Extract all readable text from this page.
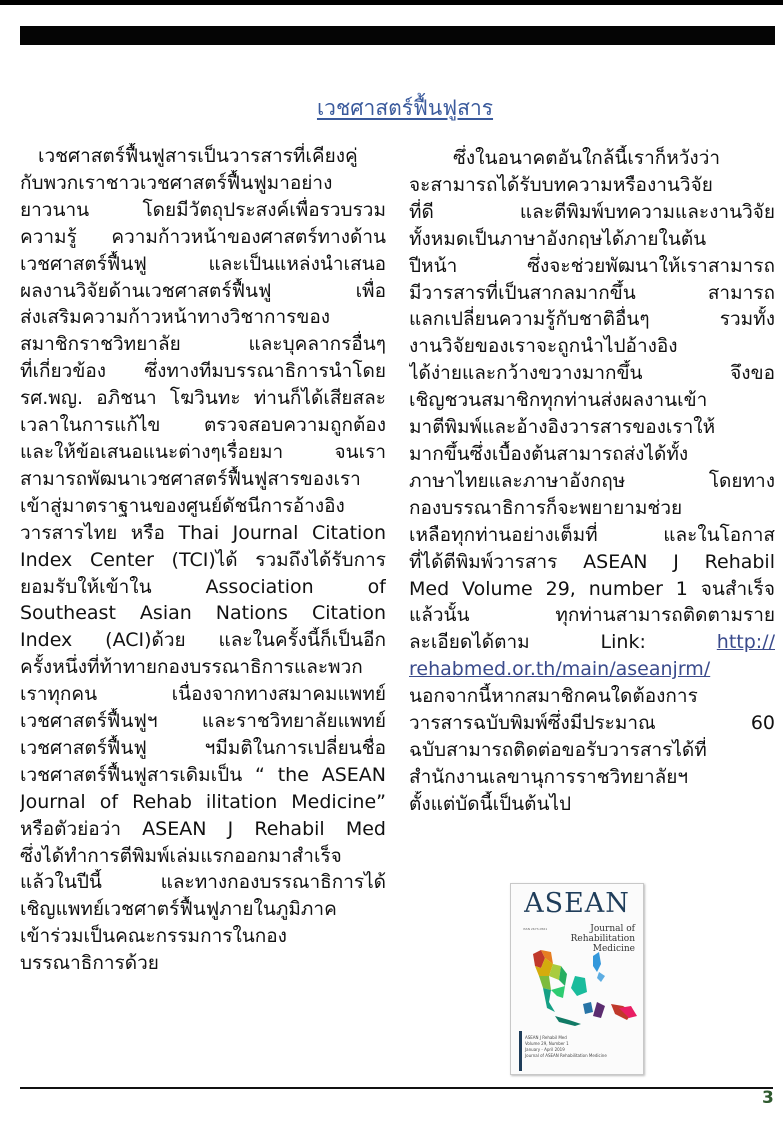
เวชศาสตร์ฟื้นฟูสาร
เวชศาสตร์ฟื้นฟูสารเป็นวารสารที่เคียงคู่
กับพวกเราชาวเวชศาสตร์ฟื้นฟูมาอย่าง
ยาวนาน โดยมีวัตถุประสงค์เพื่อรวบรวม
ความรู้ ความก้าวหน้าของศาสตร์ทางด้าน
เวชศาสตร์ฟื้นฟู และเป็นแหล่งนำเสนอ
ผลงานวิจัยด้านเวชศาสตร์ฟื้นฟู เพื่อ
ส่งเสริมความก้าวหน้าทางวิชาการของ
สมาชิกราชวิทยาลัย และบุคลากรอื่นๆ
ที่เกี่ยวข้อง ซึ่งทางทีมบรรณาธิการนำโดย
รศ.พญ. อภิชนา โฆวินทะ ท่านก็ได้เสียสละ
เวลาในการแก้ไข ตรวจสอบความถูกต้อง
และให้ข้อเสนอแนะต่างๆเรื่อยมา จนเรา
สามารถพัฒนาเวชศาสตร์ฟื้นฟูสารของเรา
เข้าสู่มาตราฐานของศูนย์ดัชนีการอ้างอิง
วารสารไทย หรือ Thai Journal Citation
Index Center (TCI)ได้ รวมถึงได้รับการ
ยอมรับให้เข้าใน Association of
Southeast Asian Nations Citation
Index (ACI)ด้วย และในครั้งนี้ก็เป็นอีก
ครั้งหนึ่งที่ท้าทายกองบรรณาธิการและพวก
เราทุกคน เนื่องจากทางสมาคมแพทย์
เวชศาสตร์ฟื้นฟูฯ และราชวิทยาลัยแพทย์
เวชศาสตร์ฟื้นฟู ฯมีมติในการเปลี่ยนชื่อ
เวชศาสตร์ฟื้นฟูสารเดิมเป็น “ the ASEAN
Journal of Rehab ilitation Medicine”
หรือตัวย่อว่า ASEAN J Rehabil Med
ซึ่งได้ทำการตีพิมพ์เล่มแรกออกมาสำเร็จ
แล้วในปีนี้ และทางกองบรรณาธิการได้
เชิญแพทย์เวชศาตร์ฟื้นฟูภายในภูมิภาค
เข้าร่วมเป็นคณะกรรมการในกอง
บรรณาธิการด้วย
ซึ่งในอนาคตอันใกล้นี้เราก็หวังว่า
จะสามารถได้รับบทความหรืองานวิจัย
ที่ดี และตีพิมพ์บทความและงานวิจัย
ทั้งหมดเป็นภาษาอังกฤษได้ภายในต้น
ปีหน้า ซึ่งจะช่วยพัฒนาให้เราสามารถ
มีวารสารที่เป็นสากลมากขึ้น สามารถ
แลกเปลี่ยนความรู้กับชาติอื่นๆ รวมทั้ง
งานวิจัยของเราจะถูกนำไปอ้างอิง
ได้ง่ายและกว้างขวางมากขึ้น จึงขอ
เชิญชวนสมาชิกทุกท่านส่งผลงานเข้า
มาตีพิมพ์และอ้างอิงวารสารของเราให้
มากขึ้นซึ่งเบื้องต้นสามารถส่งได้ทั้ง
ภาษาไทยและภาษาอังกฤษ โดยทาง
กองบรรณาธิการก็จะพยายามช่วย
เหลือทุกท่านอย่างเต็มที่ และในโอกาส
ที่ได้ตีพิมพ์วารสาร ASEAN J Rehabil
Med Volume 29, number 1 จนสำเร็จ
แล้วนั้น ทุกท่านสามารถติดตามราย
ละเอียดได้ตาม Link: http://
rehabmed.or.th/main/aseanjrm/
นอกจากนี้หากสมาชิกคนใดต้องการ
วารสารฉบับพิมพ์ซึ่งมีประมาณ 60
ฉบับสามารถติดต่อขอรับวารสารได้ที่
สำนักงานเลขานุการราชวิทยาลัยฯ
ตั้งแต่บัดนี้เป็นต้นไป
ASEAN
ISSN 2673-0561	Journal of
Rehabilitation
Medicine
ASEAN J Rehabil Med
Volume 29, Number 1
January - April 2019
Journal of ASEAN Rehabilitation Medicine
3
